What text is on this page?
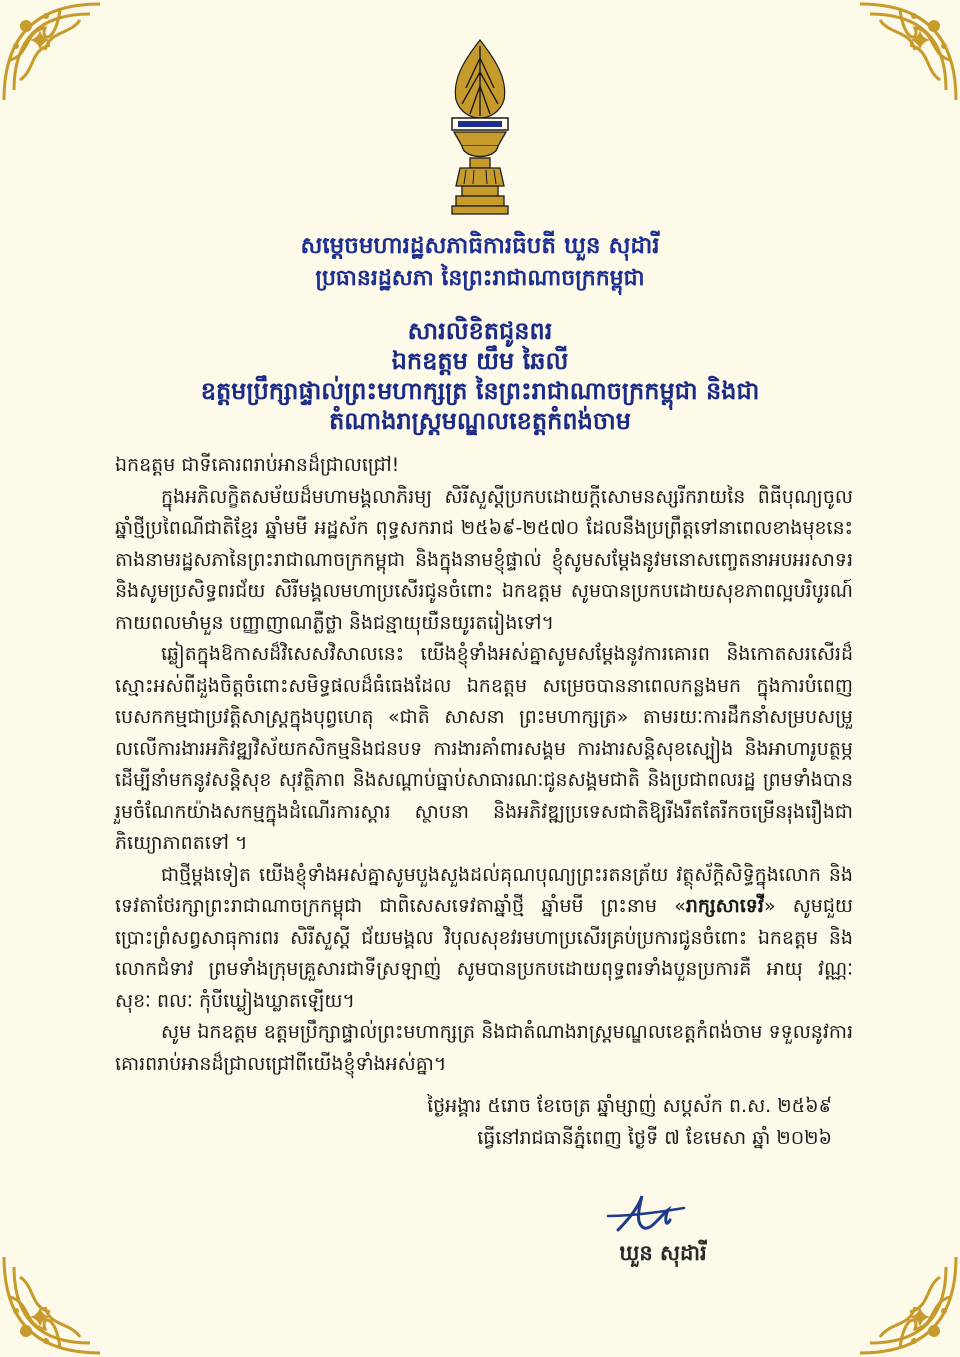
សម្ដេចមហារដ្ឋសភាធិការធិបតី ឃួន សុដារី
ប្រធានរដ្ឋសភា នៃព្រះរាជាណាចក្រកម្ពុជា
សារលិខិតជូនពរ
ឯកឧត្តម យឹម ឆៃលី
ឧត្តមប្រឹក្សាផ្ទាល់ព្រះមហាក្សត្រ នៃព្រះរាជាណាចក្រកម្ពុជា និងជា
តំណាងរាស្ត្រមណ្ឌលខេត្តកំពង់ចាម

ឯកឧត្តម ជាទីគោរពរាប់អានដ៏ជ្រាលជ្រៅ!

ក្នុងអភិលក្ខិតសម័យដ៏មហាមង្គលាភិរម្យ សិរីសួស្ដីប្រកបដោយក្ដីសោមនស្សរីករាយនៃ ពិធីបុណ្យចូលឆ្នាំថ្មីប្រពៃណីជាតិខ្មែរ ឆ្នាំមមី អដ្ឋស័ក ពុទ្ធសករាជ ២៥៦៩-២៥៧០ ដែលនឹងប្រព្រឹត្តទៅនាពេលខាងមុខនេះ តាងនាមរដ្ឋសភានៃព្រះរាជាណាចក្រកម្ពុជា និងក្នុងនាមខ្ញុំផ្ទាល់ ខ្ញុំសូមសម្ដែងនូវមនោសញ្ចេតនាអបអរសាទរ និងសូមប្រសិទ្ធពរជ័យ សិរីមង្គលមហាប្រសើរជូនចំពោះ ឯកឧត្តម សូមបានប្រកបដោយសុខភាពល្អបរិបូរណ៍ កាយពលមាំមួន បញ្ញាញាណភ្លឺថ្លា និងជន្មាយុយឺនយូរតរៀងទៅ។

ឆ្លៀតក្នុងឱកាសដ៏វិសេសវិសាលនេះ យើងខ្ញុំទាំងអស់គ្នាសូមសម្ដែងនូវការគោរព និងកោតសរសើរដ៏ស្មោះអស់ពីដួងចិត្តចំពោះសមិទ្ធផលដ៏ធំធេងដែល ឯកឧត្តម សម្រេចបាននាពេលកន្លងមក ក្នុងការបំពេញបេសកកម្មជាប្រវត្តិសាស្ត្រក្នុងបុព្វហេតុ «ជាតិ សាសនា ព្រះមហាក្សត្រ» តាមរយៈការដឹកនាំសម្របសម្រួលលើការងារអភិវឌ្ឍវិស័យកសិកម្មនិងជនបទ ការងារគាំពារសង្គម ការងារសន្តិសុខស្បៀង និងអាហារូបត្ថម្ភ ដើម្បីនាំមកនូវសន្តិសុខ សុវត្ថិភាព និងសណ្ដាប់ធ្នាប់សាធារណៈជូនសង្គមជាតិ និងប្រជាពលរដ្ឋ ព្រមទាំងបានរួមចំណែកយ៉ាងសកម្មក្នុងដំណើរការស្ដារ ស្ថាបនា និងអភិវឌ្ឍប្រទេសជាតិឱ្យរីងរឹតតែរីកចម្រើនរុងរឿងជាភិយ្យោភាពតទៅ ។

ជាថ្មីម្ដងទៀត យើងខ្ញុំទាំងអស់គ្នាសូមបួងសួងដល់គុណបុណ្យព្រះរតនត្រ័យ វត្ថុស័ក្តិសិទ្ធិក្នុងលោក និងទេវតាថែរក្សាព្រះរាជាណាចក្រកម្ពុជា ជាពិសេសទេវតាឆ្នាំថ្មី ឆ្នាំមមី ព្រះនាម «រាក្សសាទេវី» សូមជួយប្រោះព្រំសព្វសាធុការពរ សិរីសួស្ដី ជ័យមង្គល វិបុលសុខវរមហាប្រសើរគ្រប់ប្រការជូនចំពោះ ឯកឧត្តម និងលោកជំទាវ ព្រមទាំងក្រុមគ្រួសារជាទីស្រឡាញ់ សូមបានប្រកបដោយពុទ្ធពរទាំងបួនប្រការគឺ អាយុ វណ្ណៈ សុខៈ ពលៈ កុំបីឃ្លៀងឃ្លាតឡើយ។

សូម ឯកឧត្តម ឧត្តមប្រឹក្សាផ្ទាល់ព្រះមហាក្សត្រ និងជាតំណាងរាស្ត្រមណ្ឌលខេត្តកំពង់ចាម ទទួលនូវការគោរពរាប់អានដ៏ជ្រាលជ្រៅពីយើងខ្ញុំទាំងអស់គ្នា។

ថ្ងៃអង្គារ ៥រោច ខែចេត្រ ឆ្នាំម្សាញ់ សប្តស័ក ព.ស. ២៥៦៩
ធ្វើនៅរាជធានីភ្នំពេញ ថ្ងៃទី ៧ ខែមេសា ឆ្នាំ ២០២៦
ឃួន សុដារី
